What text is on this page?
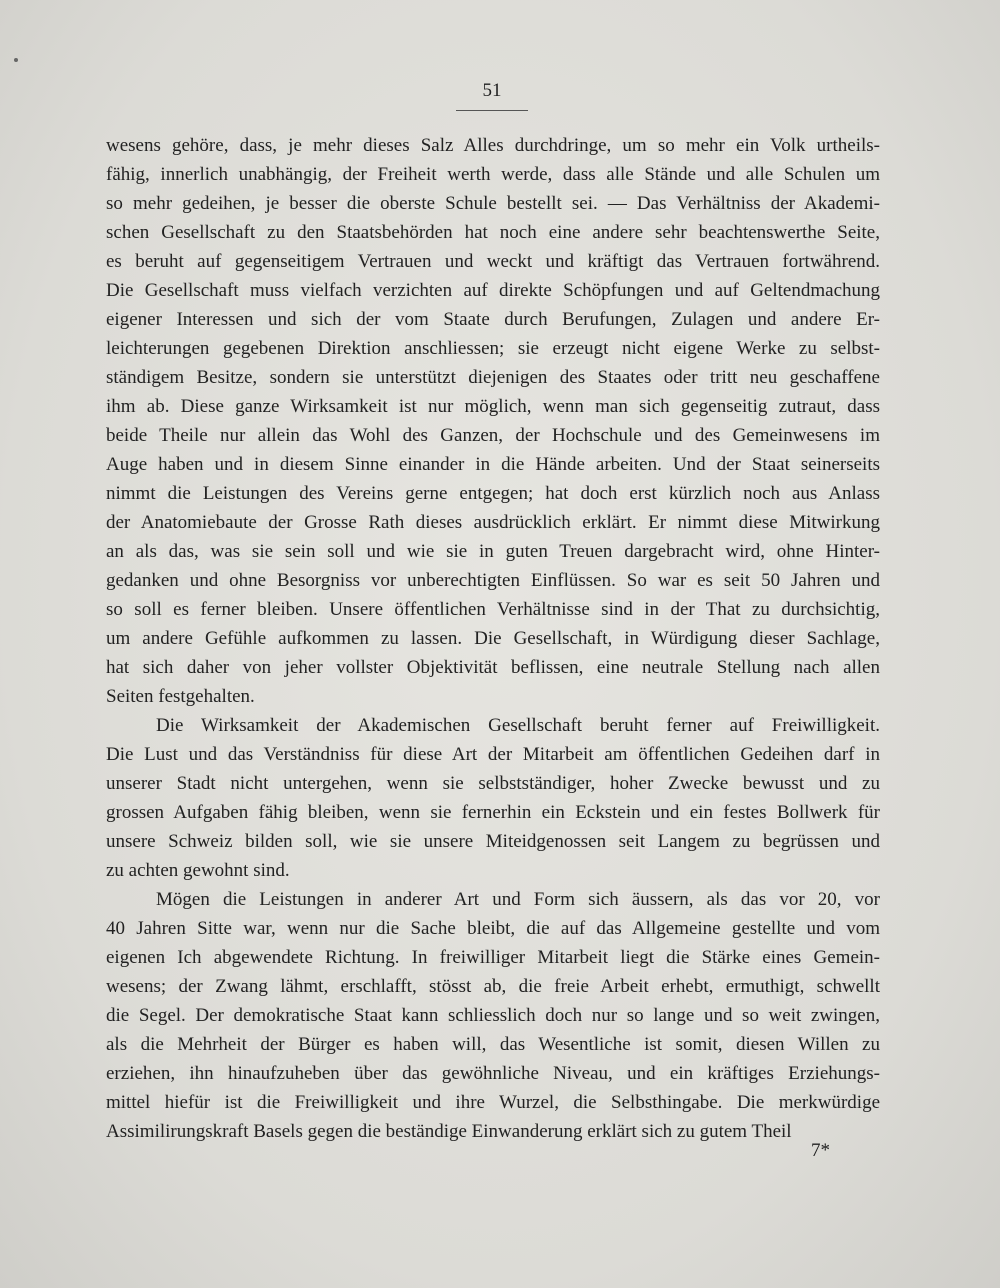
51
wesens gehöre, dass, je mehr dieses Salz Alles durchdringe, um so mehr ein Volk urtheils-
fähig, innerlich unabhängig, der Freiheit werth werde, dass alle Stände und alle Schulen um
so mehr gedeihen, je besser die oberste Schule bestellt sei. — Das Verhältniss der Akademi-
schen Gesellschaft zu den Staatsbehörden hat noch eine andere sehr beachtenswerthe Seite,
es beruht auf gegenseitigem Vertrauen und weckt und kräftigt das Vertrauen fortwährend.
Die Gesellschaft muss vielfach verzichten auf direkte Schöpfungen und auf Geltendmachung
eigener Interessen und sich der vom Staate durch Berufungen, Zulagen und andere Er-
leichterungen gegebenen Direktion anschliessen; sie erzeugt nicht eigene Werke zu selbst-
ständigem Besitze, sondern sie unterstützt diejenigen des Staates oder tritt neu geschaffene
ihm ab. Diese ganze Wirksamkeit ist nur möglich, wenn man sich gegenseitig zutraut, dass
beide Theile nur allein das Wohl des Ganzen, der Hochschule und des Gemeinwesens im
Auge haben und in diesem Sinne einander in die Hände arbeiten. Und der Staat seinerseits
nimmt die Leistungen des Vereins gerne entgegen; hat doch erst kürzlich noch aus Anlass
der Anatomiebaute der Grosse Rath dieses ausdrücklich erklärt. Er nimmt diese Mitwirkung
an als das, was sie sein soll und wie sie in guten Treuen dargebracht wird, ohne Hinter-
gedanken und ohne Besorgniss vor unberechtigten Einflüssen. So war es seit 50 Jahren und
so soll es ferner bleiben. Unsere öffentlichen Verhältnisse sind in der That zu durchsichtig,
um andere Gefühle aufkommen zu lassen. Die Gesellschaft, in Würdigung dieser Sachlage,
hat sich daher von jeher vollster Objektivität beflissen, eine neutrale Stellung nach allen
Seiten festgehalten.
Die Wirksamkeit der Akademischen Gesellschaft beruht ferner auf Freiwilligkeit.
Die Lust und das Verständniss für diese Art der Mitarbeit am öffentlichen Gedeihen darf in
unserer Stadt nicht untergehen, wenn sie selbstständiger, hoher Zwecke bewusst und zu
grossen Aufgaben fähig bleiben, wenn sie fernerhin ein Eckstein und ein festes Bollwerk für
unsere Schweiz bilden soll, wie sie unsere Miteidgenossen seit Langem zu begrüssen und
zu achten gewohnt sind.
Mögen die Leistungen in anderer Art und Form sich äussern, als das vor 20, vor
40 Jahren Sitte war, wenn nur die Sache bleibt, die auf das Allgemeine gestellte und vom
eigenen Ich abgewendete Richtung. In freiwilliger Mitarbeit liegt die Stärke eines Gemein-
wesens; der Zwang lähmt, erschlafft, stösst ab, die freie Arbeit erhebt, ermuthigt, schwellt
die Segel. Der demokratische Staat kann schliesslich doch nur so lange und so weit zwingen,
als die Mehrheit der Bürger es haben will, das Wesentliche ist somit, diesen Willen zu
erziehen, ihn hinaufzuheben über das gewöhnliche Niveau, und ein kräftiges Erziehungs-
mittel hiefür ist die Freiwilligkeit und ihre Wurzel, die Selbsthingabe. Die merkwürdige
Assimilirungskraft Basels gegen die beständige Einwanderung erklärt sich zu gutem Theil
7*
